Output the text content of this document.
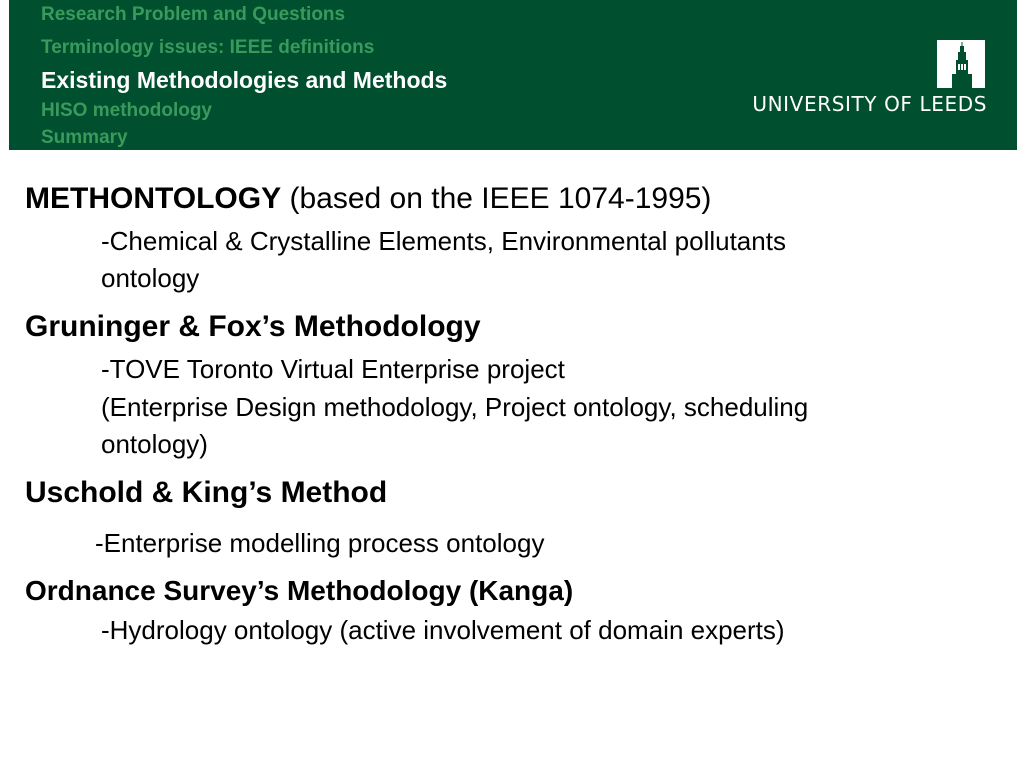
Research Problem and Questions
Terminology issues: IEEE definitions
Existing Methodologies and Methods
HISO methodology
Summary
UNIVERSITY OF LEEDS
METHONTOLOGY (based on the IEEE 1074-1995)
-Chemical & Crystalline Elements, Environmental pollutants
ontology
Gruninger & Fox’s Methodology
-TOVE Toronto Virtual Enterprise project
(Enterprise Design methodology, Project ontology, scheduling
ontology)
Uschold & King’s Method
-Enterprise modelling process ontology
Ordnance Survey’s Methodology (Kanga)
-Hydrology ontology (active involvement of domain experts)
